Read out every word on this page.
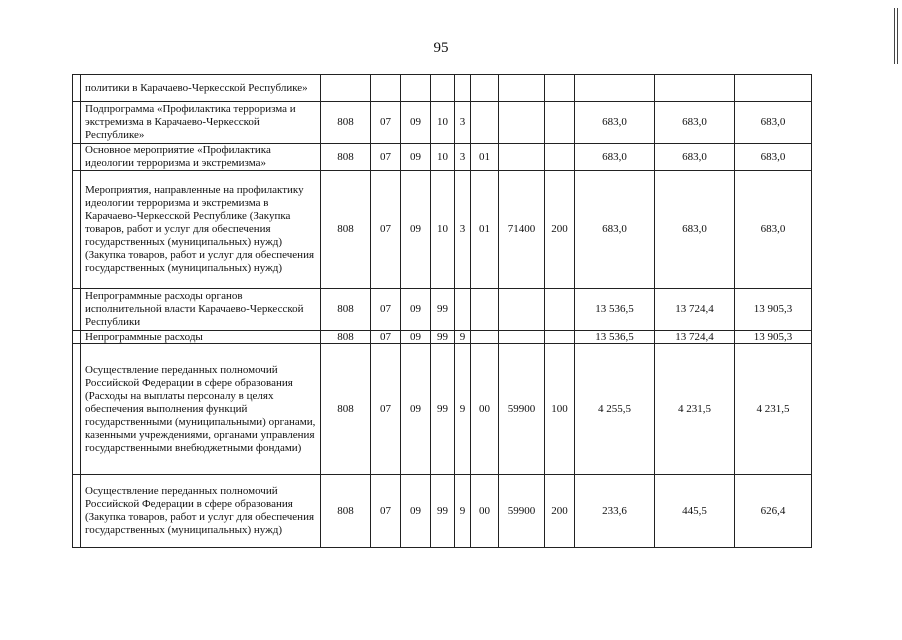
95
	политики в Карачаево-Черкесской Республике»											
	Подпрограмма «Профилактика терроризма и экстремизма в Карачаево-Черкесской Республике»	808	07	09	10	3				683,0	683,0	683,0
	Основное мероприятие «Профилактика идеологии терроризма и экстремизма»	808	07	09	10	3	01			683,0	683,0	683,0
	Мероприятия, направленные на профилактику идеологии терроризма и экстремизма в Карачаево-Черкесской Республике (Закупка товаров, работ и услуг для обеспечения государственных (муниципальных) нужд) (Закупка товаров, работ и услуг для обеспечения государственных (муниципальных) нужд)	808	07	09	10	3	01	71400	200	683,0	683,0	683,0
	Непрограммные расходы органов исполнительной власти Карачаево-Черкесской Республики	808	07	09	99					13 536,5	13 724,4	13 905,3
	Непрограммные расходы	808	07	09	99	9				13 536,5	13 724,4	13 905,3
	Осуществление переданных полномочий Российской Федерации в сфере образования (Расходы на выплаты персоналу в целях обеспечения выполнения функций государственными (муниципальными) органами, казенными учреждениями, органами управления государственными внебюджетными фондами)	808	07	09	99	9	00	59900	100	4 255,5	4 231,5	4 231,5
	Осуществление переданных полномочий Российской Федерации в сфере образования (Закупка товаров, работ и услуг для обеспечения государственных (муниципальных) нужд)	808	07	09	99	9	00	59900	200	233,6	445,5	626,4
